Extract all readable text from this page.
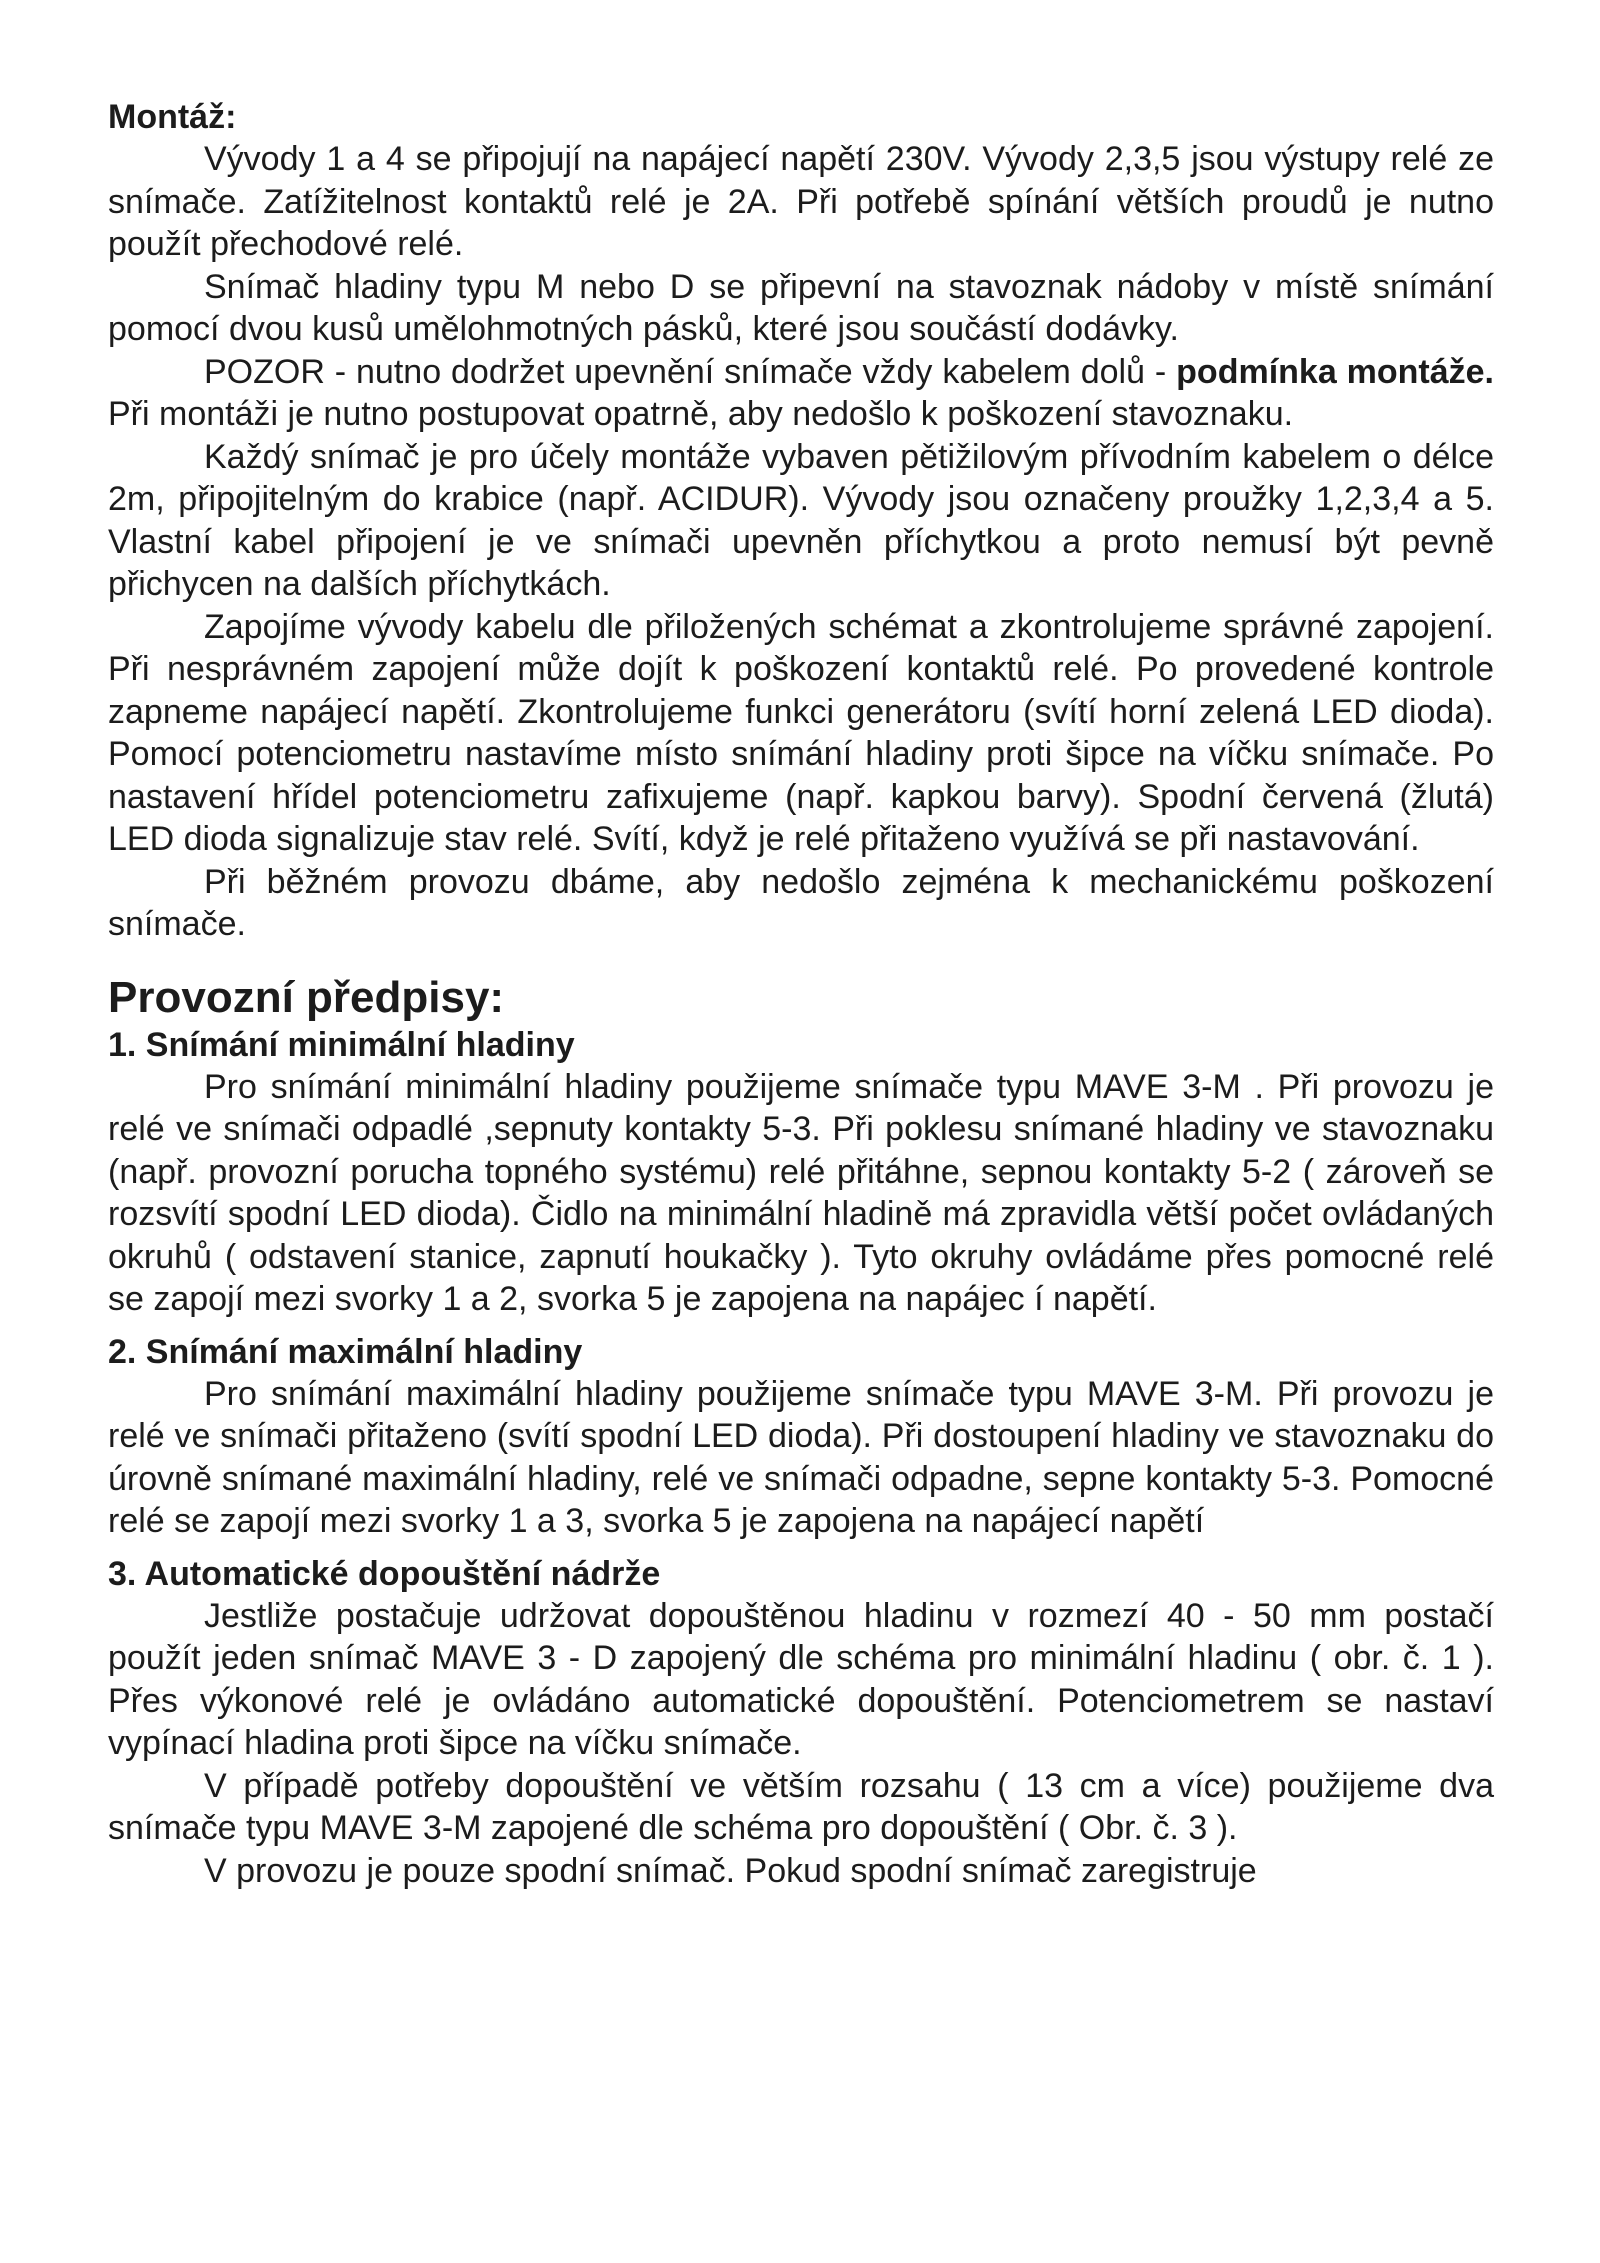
Montáž:

Vývody 1 a 4 se připojují na napájecí napětí 230V. Vývody 2,3,5 jsou výstupy relé ze snímače. Zatížitelnost kontaktů relé je 2A. Při potřebě spínání větších proudů je nutno použít přechodové relé.

Snímač hladiny typu M nebo D se připevní na stavoznak nádoby v místě snímání pomocí dvou kusů umělohmotných pásků, které jsou součástí dodávky.

POZOR - nutno dodržet upevnění snímače vždy kabelem dolů - podmínka montáže. Při montáži je nutno postupovat opatrně, aby nedošlo k poškození stavoznaku.

Každý snímač je pro účely montáže vybaven pětižilovým přívodním kabelem o délce 2m, připojitelným do krabice (např. ACIDUR). Vývody jsou označeny proužky 1,2,3,4 a 5. Vlastní kabel připojení je ve snímači upevněn příchytkou a proto nemusí být pevně přichycen na dalších příchytkách.

Zapojíme vývody kabelu dle přiložených schémat a zkontrolujeme správné zapojení. Při nesprávném zapojení může dojít k poškození kontaktů relé. Po provedené kontrole zapneme napájecí napětí. Zkontrolujeme funkci generátoru (svítí horní zelená LED dioda). Pomocí potenciometru nastavíme místo snímání hladiny proti šipce na víčku snímače. Po nastavení hřídel potenciometru zafixujeme (např. kapkou barvy). Spodní červená (žlutá) LED dioda signalizuje stav relé. Svítí, když je relé přitaženo využívá se při nastavování.

Při běžném provozu dbáme, aby nedošlo zejména k mechanickému poškození snímače.

Provozní předpisy:
1. Snímání minimální hladiny

Pro snímání minimální hladiny použijeme snímače typu MAVE 3-M . Při provozu je relé ve snímači odpadlé ,sepnuty kontakty 5-3. Při poklesu snímané hladiny ve stavoznaku (např. provozní porucha topného systému) relé přitáhne, sepnou kontakty 5-2 ( zároveň se rozsvítí spodní LED dioda). Čidlo na minimální hladině má zpravidla větší počet ovládaných okruhů ( odstavení stanice, zapnutí houkačky ). Tyto okruhy ovládáme přes pomocné relé se zapojí mezi svorky 1 a 2, svorka 5 je zapojena na napájec í napětí.

2. Snímání maximální hladiny

Pro snímání maximální hladiny použijeme snímače typu MAVE 3-M. Při provozu je relé ve snímači přitaženo (svítí spodní LED dioda). Při dostoupení hladiny ve stavoznaku do úrovně snímané maximální hladiny, relé ve snímači odpadne, sepne kontakty 5-3. Pomocné relé se zapojí mezi svorky 1 a 3, svorka 5 je zapojena na napájecí napětí

3. Automatické dopouštění nádrže

Jestliže postačuje udržovat dopouštěnou hladinu v rozmezí 40 - 50 mm postačí použít jeden snímač MAVE 3 - D zapojený dle schéma pro minimální hladinu ( obr. č. 1 ). Přes výkonové relé je ovládáno automatické dopouštění. Potenciometrem se nastaví vypínací hladina proti šipce na víčku snímače.

V případě potřeby dopouštění ve větším rozsahu ( 13 cm a více) použijeme dva snímače typu MAVE 3-M zapojené dle schéma pro dopouštění ( Obr. č. 3 ).

V provozu je pouze spodní snímač. Pokud spodní snímač zaregistruje
